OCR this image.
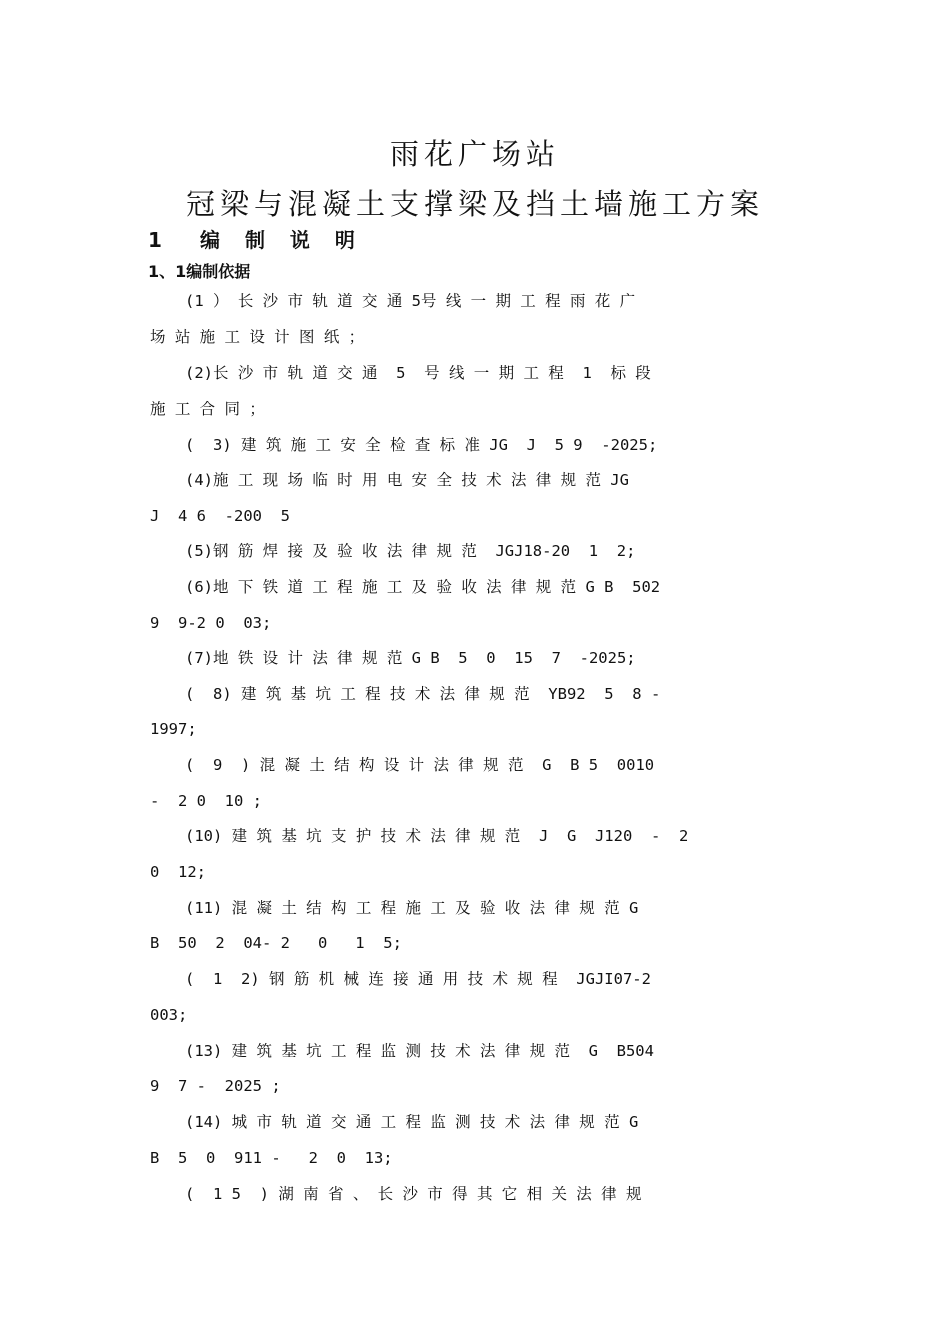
雨花广场站
冠梁与混凝土支撑梁及挡土墙施工方案
1 编 制 说 明
1、1编制依据
(1 ） 长 沙 市 轨 道 交 通 5号 线 一 期 工 程 雨 花 广
场 站 施 工 设 计 图 纸 ；
(2)长 沙 市 轨 道 交 通  5  号 线 一 期 工 程  1  标 段
施 工 合 同 ；
(  3) 建 筑 施 工 安 全 检 查 标 准 JG  J  5 9  -2025;
(4)施 工 现 场 临 时 用 电 安 全 技 术 法 律 规 范 JG
J  4 6  -200  5
(5)钢 筋 焊 接 及 验 收 法 律 规 范  JGJ18-20  1  2;
(6)地 下 铁 道 工 程 施 工 及 验 收 法 律 规 范 G B  502
9  9-2 0  03;
(7)地 铁 设 计 法 律 规 范 G B  5  0  15  7  -2025;
(  8) 建 筑 基 坑 工 程 技 术 法 律 规 范  YB92  5  8 -
1997;
(  9  ) 混 凝 土 结 构 设 计 法 律 规 范  G  B 5  0010
-  2 0  10 ;
(10) 建 筑 基 坑 支 护 技 术 法 律 规 范  J  G  J120  -  2
0  12;
(11) 混 凝 土 结 构 工 程 施 工 及 验 收 法 律 规 范 G
B  50  2  04- 2   0   1  5;
(  1  2) 钢 筋 机 械 连 接 通 用 技 术 规 程  JGJI07-2
003;
(13) 建 筑 基 坑 工 程 监 测 技 术 法 律 规 范  G  B504
9  7 -  2025 ;
(14) 城 市 轨 道 交 通 工 程 监 测 技 术 法 律 规 范 G
B  5  0  911 -   2  0  13;
(  1 5  ) 湖 南 省 、 长 沙 市 得 其 它 相 关 法 律 规
